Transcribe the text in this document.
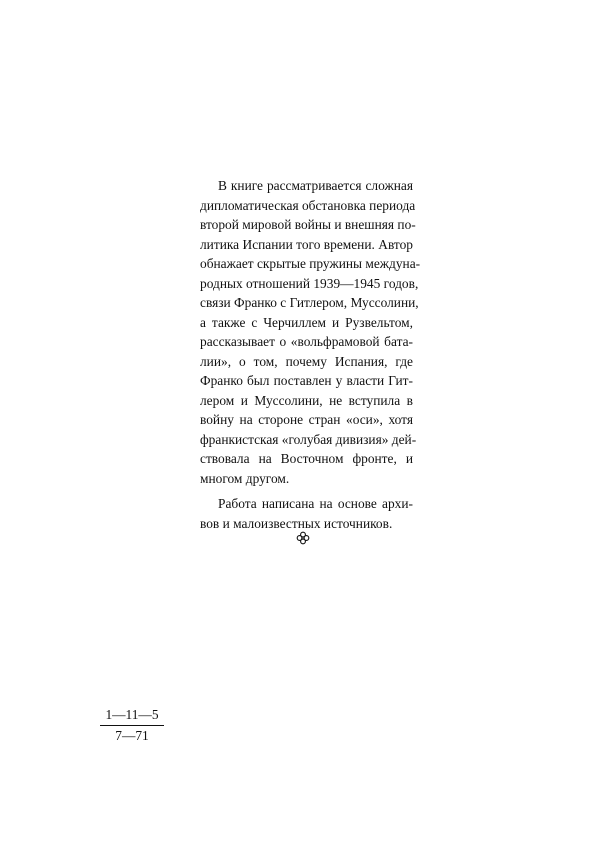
В книге рассматривается сложная
дипломатическая обстановка периода
второй мировой войны и внешняя по-
литика Испании того времени. Автор
обнажает скрытые пружины междуна-
родных отношений 1939—1945 годов,
связи Франко с Гитлером, Муссолини,
а также с Черчиллем и Рузвельтом,
рассказывает о «вольфрамовой бата-
лии», о том, почему Испания, где
Франко был поставлен у власти Гит-
лером и Муссолини, не вступила в
войну на стороне стран «оси», хотя
франкистская «голубая дивизия» дей-
ствовала на Восточном фронте, и
многом другом.
Работа написана на основе архи-
вов и малоизвестных источников.
$\frac{1—11—5}{7—71}$
